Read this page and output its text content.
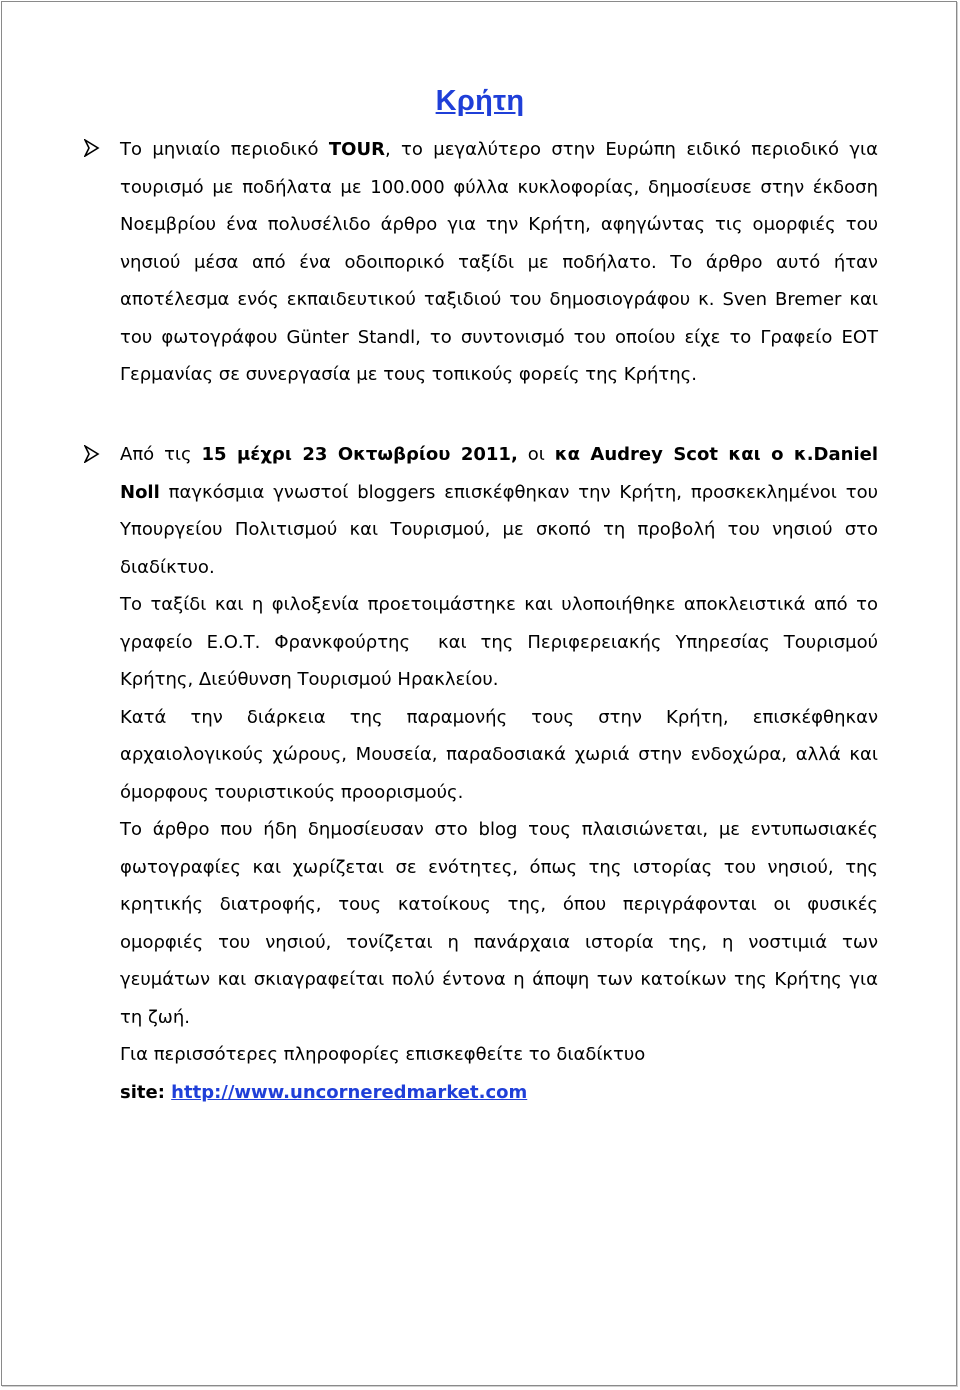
Κρήτη
Το μηνιαίο περιοδικό TOUR, το μεγαλύτερο στην Ευρώπη ειδικό περιοδικό για
τουρισμό με ποδήλατα με 100.000 φύλλα κυκλοφορίας, δημοσίευσε στην έκδοση
Νοεμβρίου ένα πολυσέλιδο άρθρο για την Κρήτη, αφηγώντας τις ομορφιές του
νησιού μέσα από ένα οδοιπορικό ταξίδι με ποδήλατο. Το άρθρο αυτό ήταν
αποτέλεσμα ενός εκπαιδευτικού ταξιδιού του δημοσιογράφου κ. Sven Bremer και
του φωτογράφου Günter Standl, το συντονισμό του οποίου είχε το Γραφείο ΕΟΤ
Γερμανίας σε συνεργασία με τους τοπικούς φορείς της Κρήτης.
Από τις 15 μέχρι 23 Οκτωβρίου 2011, οι κα Audrey Scot και ο κ.Daniel
Noll παγκόσμια γνωστοί bloggers επισκέφθηκαν την Κρήτη, προσκεκλημένοι του
Υπουργείου Πολιτισμού και Τουρισμού, με σκοπό τη προβολή του νησιού στο
διαδίκτυο.
Το ταξίδι και η φιλοξενία προετοιμάστηκε και υλοποιήθηκε αποκλειστικά από το
γραφείο Ε.Ο.Τ. Φρανκφούρτης  και της Περιφερειακής Υπηρεσίας Τουρισμού
Κρήτης, Διεύθυνση Τουρισμού Ηρακλείου.
Κατά την διάρκεια της παραμονής τους στην Κρήτη, επισκέφθηκαν
αρχαιολογικούς χώρους, Μουσεία, παραδοσιακά χωριά στην ενδοχώρα, αλλά και
όμορφους τουριστικούς προορισμούς.
Το άρθρο που ήδη δημοσίευσαν στο blog τους πλαισιώνεται, με εντυπωσιακές
φωτογραφίες και χωρίζεται σε ενότητες, όπως της ιστορίας του νησιού, της
κρητικής διατροφής, τους κατοίκους της, όπου περιγράφονται οι φυσικές
ομορφιές του νησιού, τονίζεται η πανάρχαια ιστορία της, η νοστιμιά των
γευμάτων και σκιαγραφείται πολύ έντονα η άποψη των κατοίκων της Κρήτης για
τη ζωή.
Για περισσότερες πληροφορίες επισκεφθείτε το διαδίκτυο
site: http://www.uncorneredmarket.com
